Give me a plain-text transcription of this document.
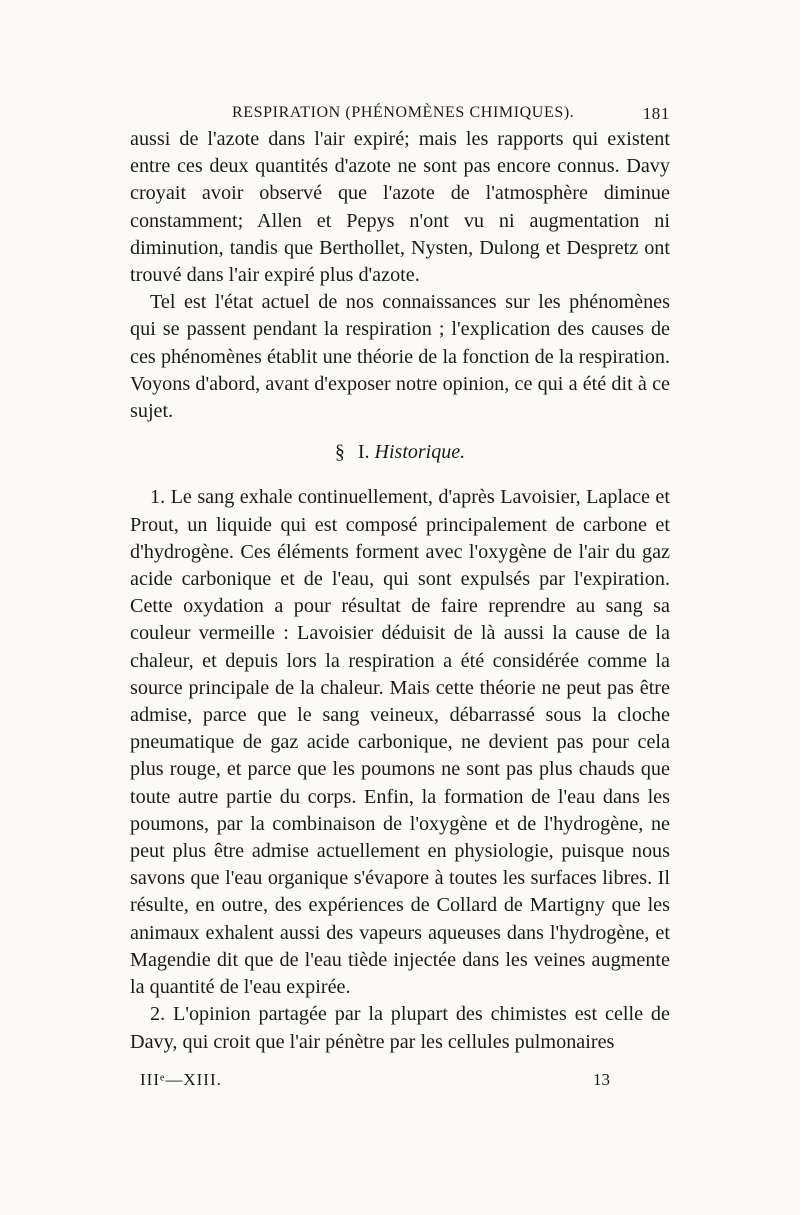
RESPIRATION (PHÉNOMÈNES CHIMIQUES).	181

aussi de l'azote dans l'air expiré; mais les rapports qui existent entre ces deux quantités d'azote ne sont pas encore connus. Davy croyait avoir observé que l'azote de l'atmosphère diminue constamment; Allen et Pepys n'ont vu ni augmentation ni diminution, tandis que Berthollet, Nysten, Dulong et Despretz ont trouvé dans l'air expiré plus d'azote.

Tel est l'état actuel de nos connaissances sur les phénomènes qui se passent pendant la respiration ; l'explication des causes de ces phénomènes établit une théorie de la fonction de la respiration. Voyons d'abord, avant d'exposer notre opinion, ce qui a été dit à ce sujet.

§ I. Historique.

1. Le sang exhale continuellement, d'après Lavoisier, Laplace et Prout, un liquide qui est composé principalement de carbone et d'hydrogène. Ces éléments forment avec l'oxygène de l'air du gaz acide carbonique et de l'eau, qui sont expulsés par l'expiration. Cette oxydation a pour résultat de faire reprendre au sang sa couleur vermeille : Lavoisier déduisit de là aussi la cause de la chaleur, et depuis lors la respiration a été considérée comme la source principale de la chaleur. Mais cette théorie ne peut pas être admise, parce que le sang veineux, débarrassé sous la cloche pneumatique de gaz acide carbonique, ne devient pas pour cela plus rouge, et parce que les poumons ne sont pas plus chauds que toute autre partie du corps. Enfin, la formation de l'eau dans les poumons, par la combinaison de l'oxygène et de l'hydrogène, ne peut plus être admise actuellement en physiologie, puisque nous savons que l'eau organique s'évapore à toutes les surfaces libres. Il résulte, en outre, des expériences de Collard de Martigny que les animaux exhalent aussi des vapeurs aqueuses dans l'hydrogène, et Magendie dit que de l'eau tiède injectée dans les veines augmente la quantité de l'eau expirée.

2. L'opinion partagée par la plupart des chimistes est celle de Davy, qui croit que l'air pénètre par les cellules pulmonaires

IIIᵉ—XIII.	13
